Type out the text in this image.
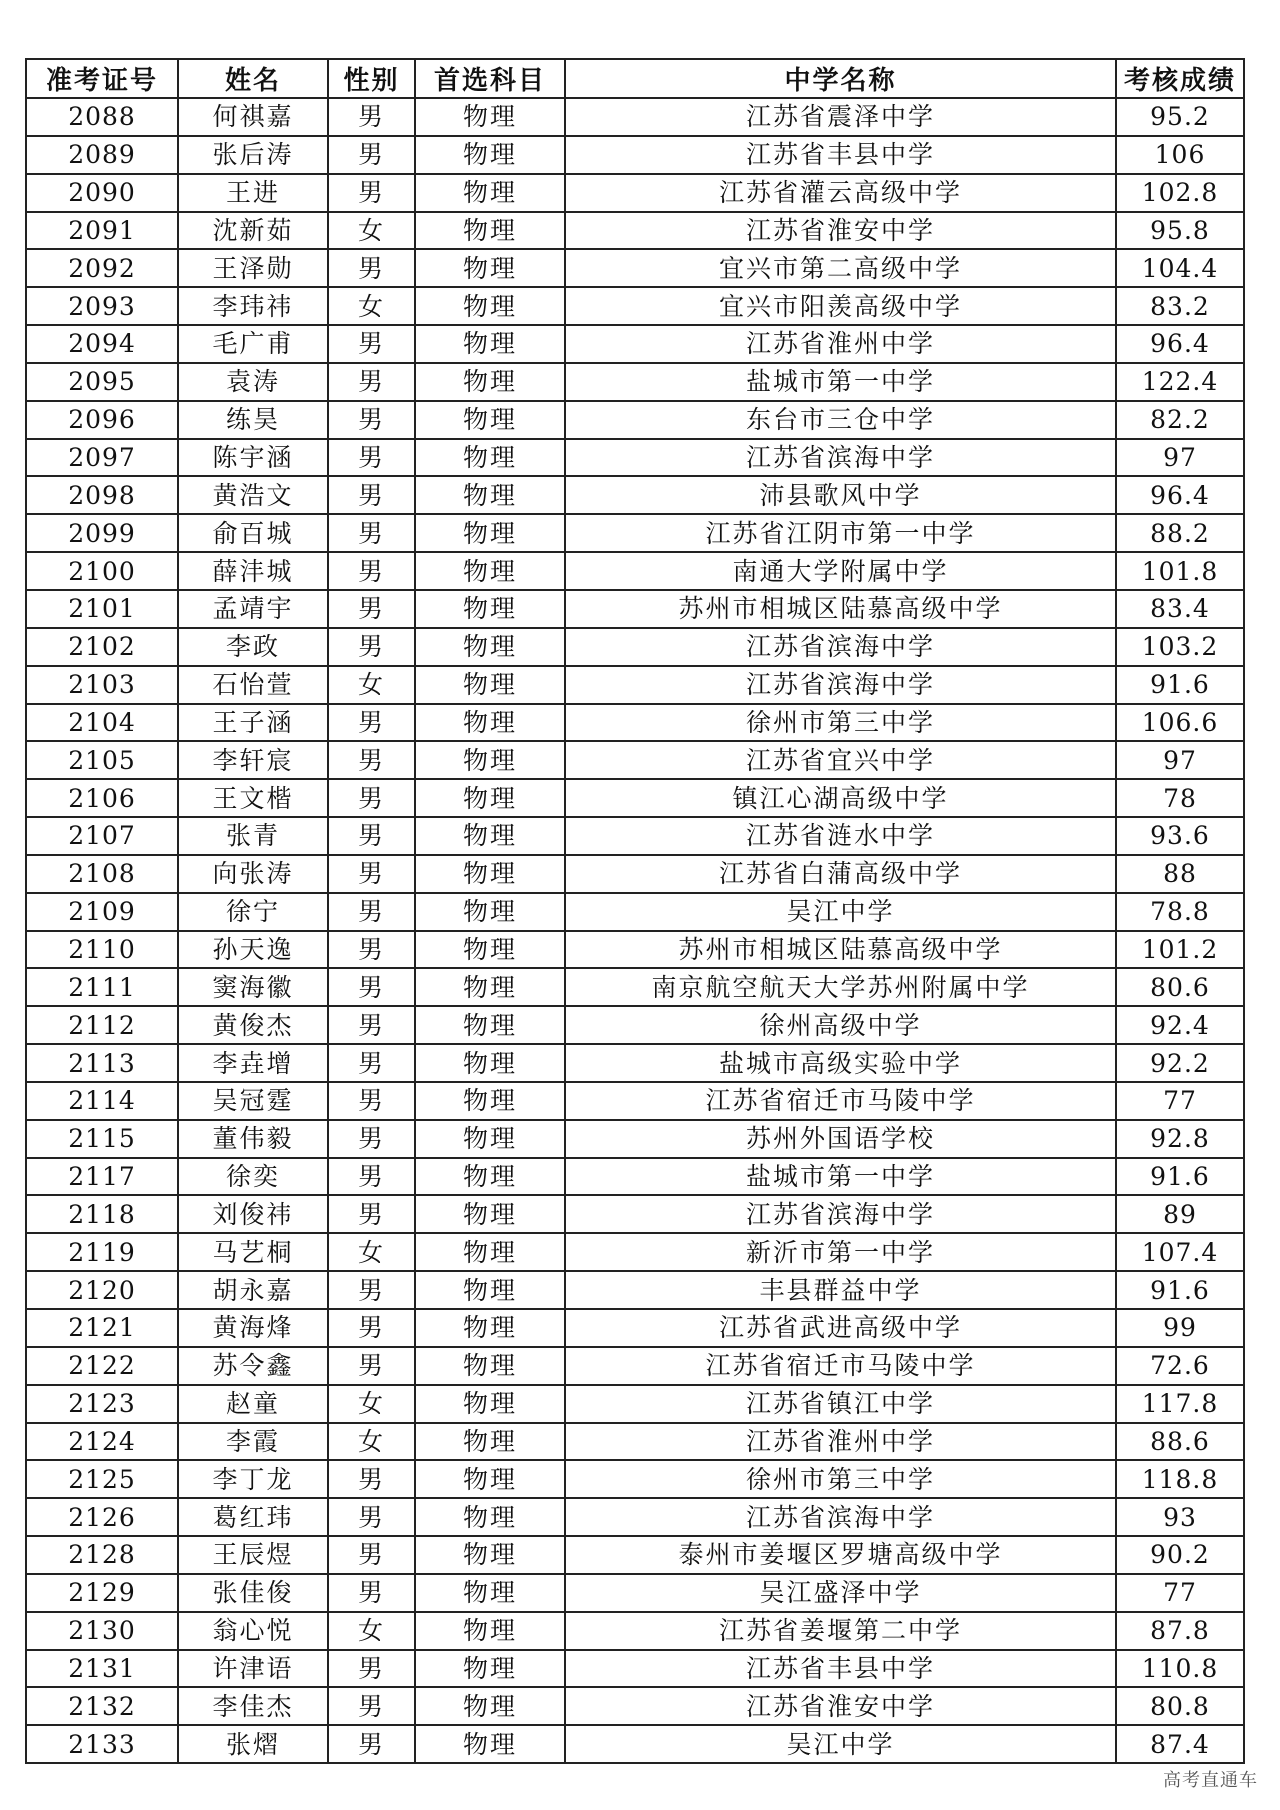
准考证号	姓名	性别	首选科目	中学名称	考核成绩
2088	何祺嘉	男	物理	江苏省震泽中学	95.2
2089	张后涛	男	物理	江苏省丰县中学	106
2090	王进	男	物理	江苏省灌云高级中学	102.8
2091	沈新茹	女	物理	江苏省淮安中学	95.8
2092	王泽勋	男	物理	宜兴市第二高级中学	104.4
2093	李玮祎	女	物理	宜兴市阳羡高级中学	83.2
2094	毛广甫	男	物理	江苏省淮州中学	96.4
2095	袁涛	男	物理	盐城市第一中学	122.4
2096	练昊	男	物理	东台市三仓中学	82.2
2097	陈宇涵	男	物理	江苏省滨海中学	97
2098	黄浩文	男	物理	沛县歌风中学	96.4
2099	俞百城	男	物理	江苏省江阴市第一中学	88.2
2100	薛沣城	男	物理	南通大学附属中学	101.8
2101	孟靖宇	男	物理	苏州市相城区陆慕高级中学	83.4
2102	李政	男	物理	江苏省滨海中学	103.2
2103	石怡萱	女	物理	江苏省滨海中学	91.6
2104	王子涵	男	物理	徐州市第三中学	106.6
2105	李轩宸	男	物理	江苏省宜兴中学	97
2106	王文楷	男	物理	镇江心湖高级中学	78
2107	张青	男	物理	江苏省涟水中学	93.6
2108	向张涛	男	物理	江苏省白蒲高级中学	88
2109	徐宁	男	物理	吴江中学	78.8
2110	孙天逸	男	物理	苏州市相城区陆慕高级中学	101.2
2111	窦海徽	男	物理	南京航空航天大学苏州附属中学	80.6
2112	黄俊杰	男	物理	徐州高级中学	92.4
2113	李垚增	男	物理	盐城市高级实验中学	92.2
2114	吴冠霆	男	物理	江苏省宿迁市马陵中学	77
2115	董伟毅	男	物理	苏州外国语学校	92.8
2117	徐奕	男	物理	盐城市第一中学	91.6
2118	刘俊祎	男	物理	江苏省滨海中学	89
2119	马艺桐	女	物理	新沂市第一中学	107.4
2120	胡永嘉	男	物理	丰县群益中学	91.6
2121	黄海烽	男	物理	江苏省武进高级中学	99
2122	苏令鑫	男	物理	江苏省宿迁市马陵中学	72.6
2123	赵童	女	物理	江苏省镇江中学	117.8
2124	李霞	女	物理	江苏省淮州中学	88.6
2125	李丁龙	男	物理	徐州市第三中学	118.8
2126	葛红玮	男	物理	江苏省滨海中学	93
2128	王辰煜	男	物理	泰州市姜堰区罗塘高级中学	90.2
2129	张佳俊	男	物理	吴江盛泽中学	77
2130	翁心悦	女	物理	江苏省姜堰第二中学	87.8
2131	许津语	男	物理	江苏省丰县中学	110.8
2132	李佳杰	男	物理	江苏省淮安中学	80.8
2133	张熠	男	物理	吴江中学	87.4
高考直通车
